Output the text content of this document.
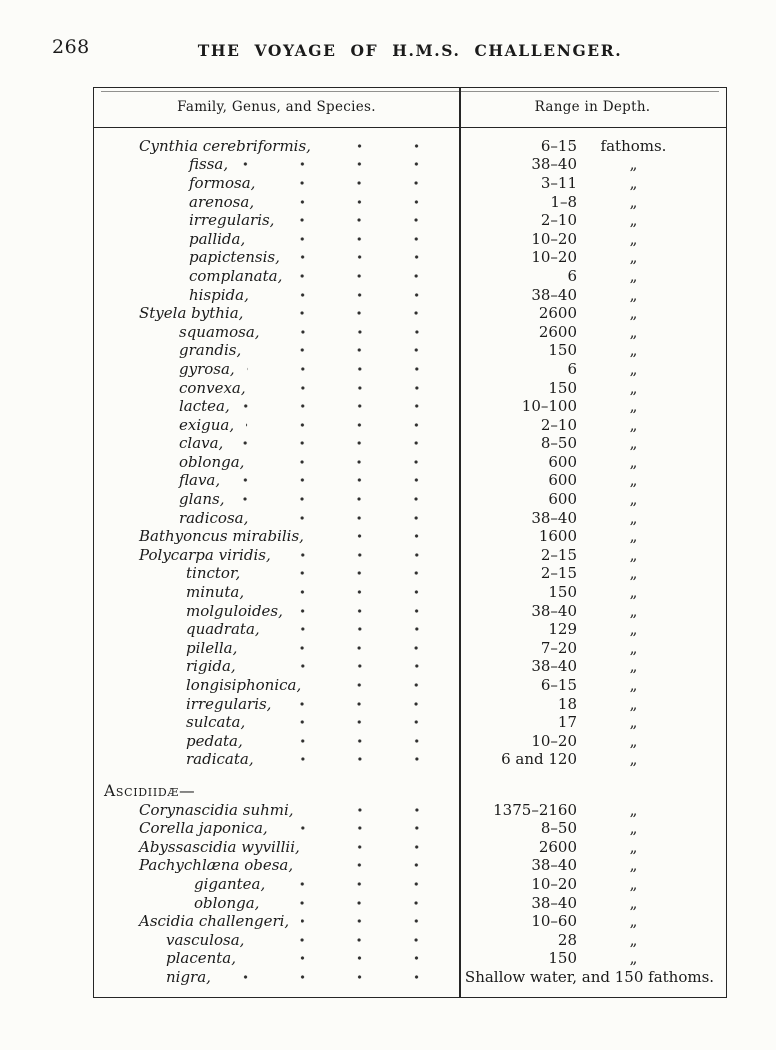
268	THE VOYAGE OF H.M.S. CHALLENGER.
Family, Genus, and Species.	Range in Depth.
Cynthia cerebriformis,	6–15	fathoms.
fissa,	38–40	„
formosa,	3–11	„
arenosa,	1–8	„
irregularis,	2–10	„
pallida,	10–20	„
papictensis,	10–20	„
complanata,	6	„
hispida,	38–40	„
Styela bythia,	2600	„
squamosa,	2600	„
grandis,	150	„
gyrosa,	6	„
convexa,	150	„
lactea,	10–100	„
exigua,	2–10	„
clava,	8–50	„
oblonga,	600	„
flava,	600	„
glans,	600	„
radicosa,	38–40	„
Bathyoncus mirabilis,	1600	„
Polycarpa viridis,	2–15	„
tinctor,	2–15	„
minuta,	150	„
molguloides,	38–40	„
quadrata,	129	„
pilella,	7–20	„
rigida,	38–40	„
longisiphonica,	6–15	„
irregularis,	18	„
sulcata,	17	„
pedata,	10–20	„
radicata,	6 and 120	„
Ascidiidæ—
Corynascidia suhmi,	1375–2160	„
Corella japonica,	8–50	„
Abyssascidia wyvillii,	2600	„
Pachychlæna obesa,	38–40	„
gigantea,	10–20	„
oblonga,	38–40	„
Ascidia challengeri,	10–60	„
vasculosa,	28	„
placenta,	150	„
nigra,	Shallow water, and 150 fathoms.
